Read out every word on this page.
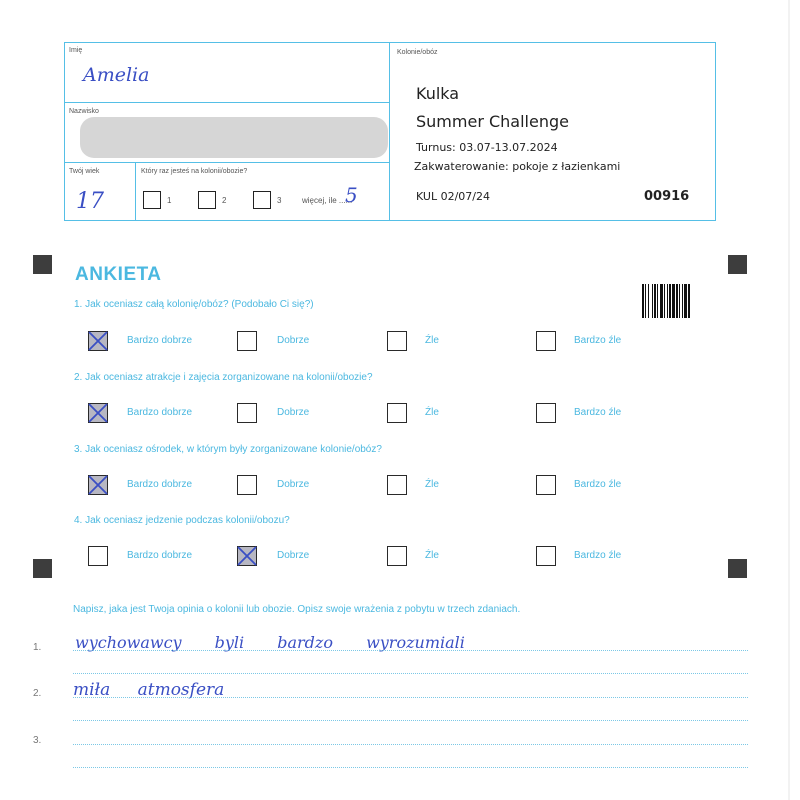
Imię
Amelia
Nazwisko
Twój wiek
17
Który raz jesteś na kolonii/obozie?
1	2	3	więcej, ile ......
5
Kolonie/obóz
Kulka
Summer Challenge
Turnus: 03.07-13.07.2024
Zakwaterowanie: pokoje z łazienkami
KUL 02/07/24	00916
ANKIETA
1. Jak oceniasz całą kolonię/obóz? (Podobało Ci się?)
Bardzo dobrze	Dobrze	Źle	Bardzo źle
2. Jak oceniasz atrakcje i zajęcia zorganizowane na kolonii/obozie?
Bardzo dobrze	Dobrze	Źle	Bardzo źle
3. Jak oceniasz ośrodek, w którym były zorganizowane kolonie/obóz?
Bardzo dobrze	Dobrze	Źle	Bardzo źle
4. Jak oceniasz jedzenie podczas kolonii/obozu?
Bardzo dobrze	Dobrze	Źle	Bardzo źle
Napisz, jaka jest Twoja opinia o kolonii lub obozie. Opisz swoje wrażenia z pobytu w trzech zdaniach.
1. wychowawcy byli bardzo wyrozumiali
2. miła atmosfera
3.
